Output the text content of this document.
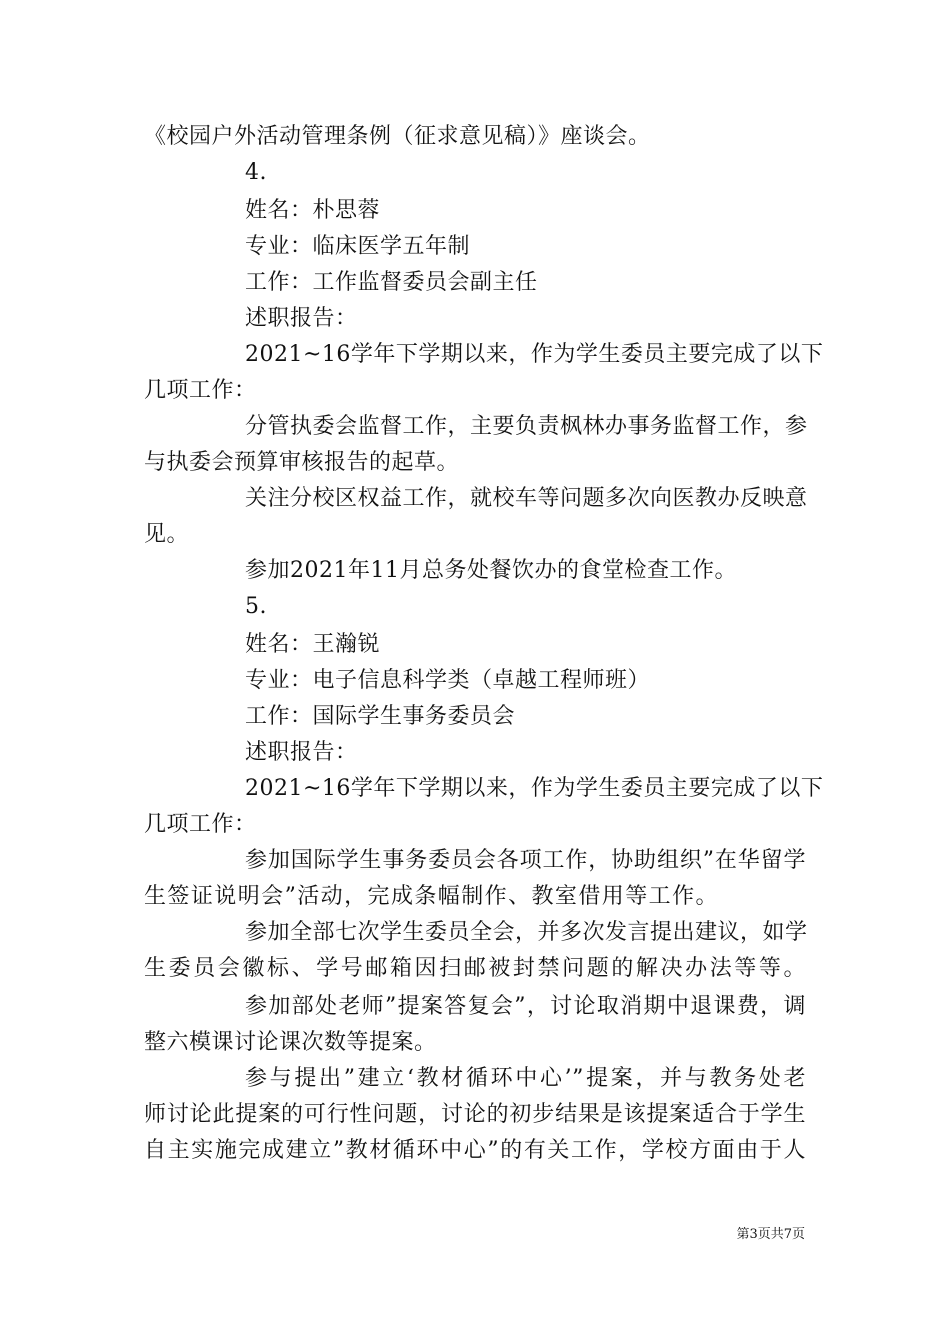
《校园户外活动管理条例（征求意见稿）》座谈会。
4.
姓名：朴思蓉
专业：临床医学五年制
工作：工作监督委员会副主任
述职报告：
2021~16学年下学期以来，作为学生委员主要完成了以下
几项工作：
分管执委会监督工作，主要负责枫林办事务监督工作，参
与执委会预算审核报告的起草。
关注分校区权益工作，就校车等问题多次向医教办反映意
见。
参加2021年11月总务处餐饮办的食堂检查工作。
5.
姓名：王瀚锐
专业：电子信息科学类（卓越工程师班）
工作：国际学生事务委员会
述职报告：
2021~16学年下学期以来，作为学生委员主要完成了以下
几项工作：
参加国际学生事务委员会各项工作，协助组织”在华留学
生签证说明会”活动，完成条幅制作、教室借用等工作。
参加全部七次学生委员全会，并多次发言提出建议，如学
生委员会徽标、学号邮箱因扫邮被封禁问题的解决办法等等。
参加部处老师”提案答复会”，讨论取消期中退课费，调
整六模课讨论课次数等提案。
参与提出”建立‘教材循环中心’”提案，并与教务处老
师讨论此提案的可行性问题，讨论的初步结果是该提案适合于学生
自主实施完成建立”教材循环中心”的有关工作，学校方面由于人
第3页共7页
